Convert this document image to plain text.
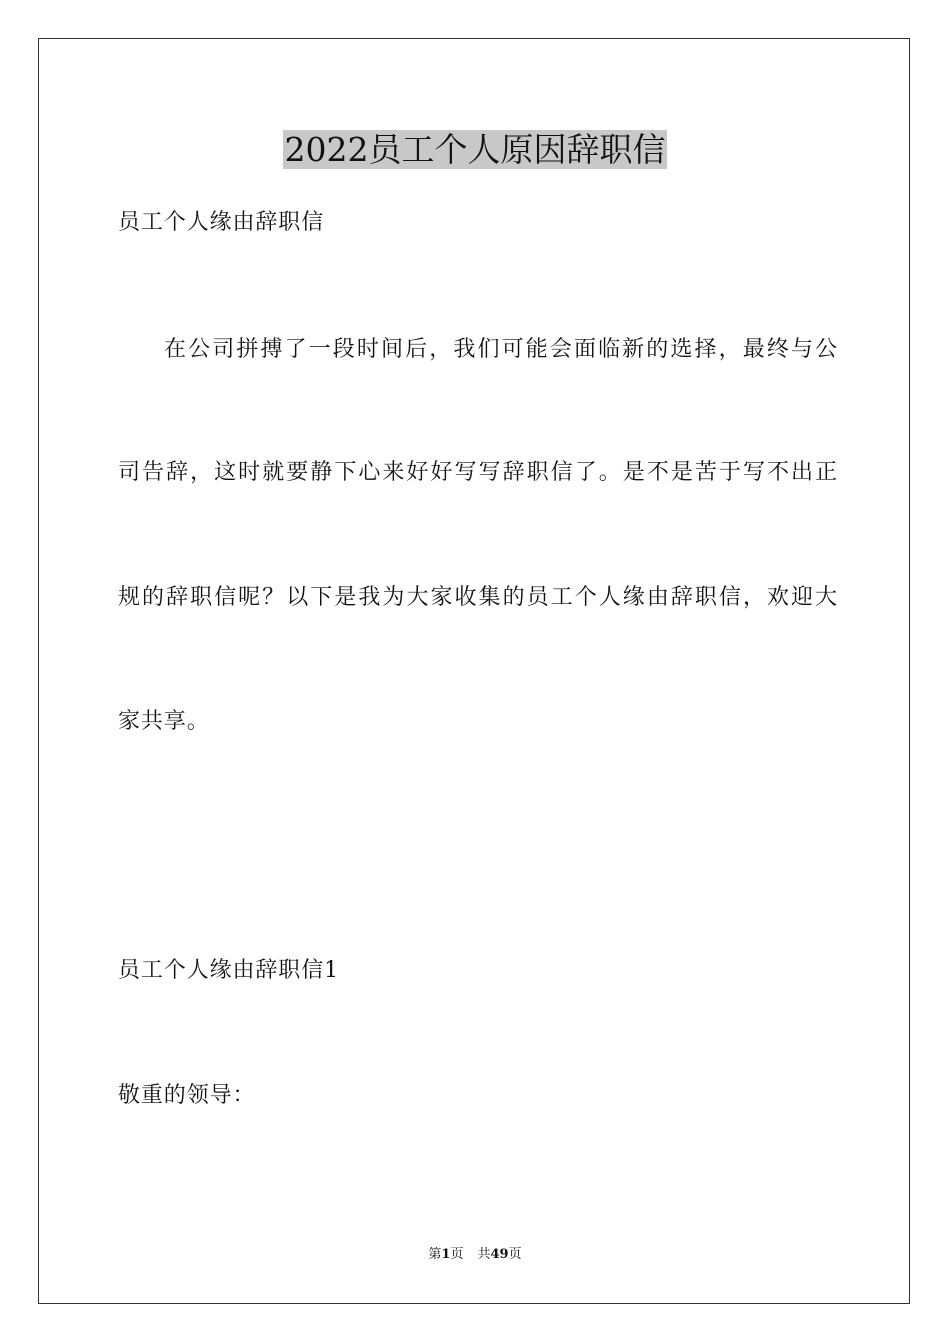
2022员工个人原因辞职信
员工个人缘由辞职信
在公司拼搏了一段时间后，我们可能会面临新的选择，最终与公
司告辞，这时就要静下心来好好写写辞职信了。是不是苦于写不出正
规的辞职信呢？以下是我为大家收集的员工个人缘由辞职信，欢迎大
家共享。
员工个人缘由辞职信1
敬重的领导：
第1页 共49页
